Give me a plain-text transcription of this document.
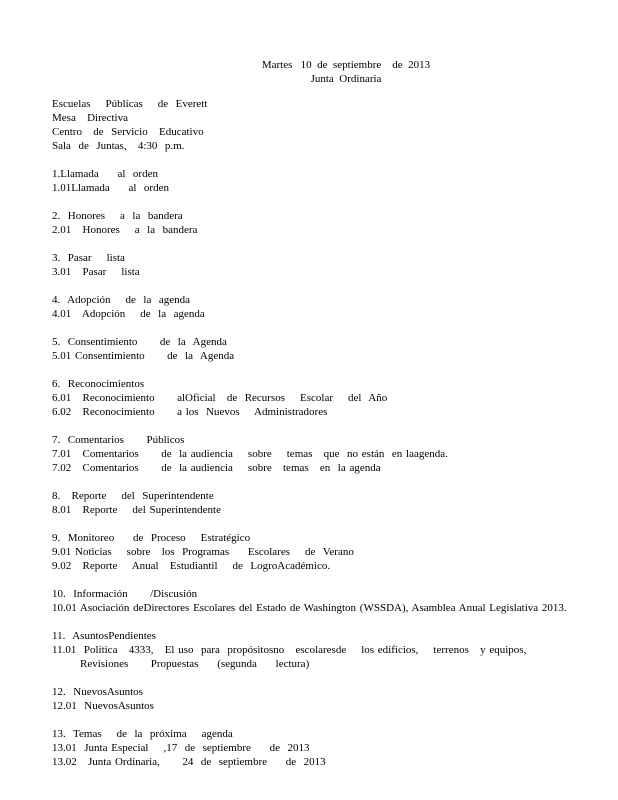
Martes   10  de  septiembre    de  2013
Junta  Ordinaria
Escuelas    Públicas    de  Everett
Mesa   Directiva
Centro   de  Servicio   Educativo
Sala  de  Juntas,   4:30  p.m.
1.Llamada     al  orden
1.01Llamada     al  orden
2.  Honores    a  la  bandera
2.01   Honores    a  la  bandera
3.  Pasar    lista
3.01   Pasar    lista
4.  Adopción    de  la  agenda
4.01   Adopción    de  la  agenda
5.  Consentimiento      de  la  Agenda
5.01 Consentimiento      de  la  Agenda
6.  Reconocimientos
6.01   Reconocimiento      alOficial   de  Recursos    Escolar    del  Año
6.02   Reconocimiento      a los  Nuevos    Administradores
7.  Comentarios      Públicos
7.01   Comentarios      de  la audiencia    sobre    temas   que  no están  en laagenda.
7.02   Comentarios      de  la audiencia    sobre   temas   en  la agenda
8.   Reporte    del  Superintendente
8.01   Reporte    del Superintendente
9.  Monitoreo     de  Proceso    Estratégico
9.01 Noticias    sobre   los  Programas     Escolares    de  Verano
9.02   Reporte    Anual   Estudiantil    de  LogroAcadémico.
10.  Información      /Discusión
10.01 Asociación deDirectores Escolares del Estado de Washington (WSSDA), Asamblea Anual Legislativa 2013.
11.  AsuntosPendientes
11.01  Política   4333,   El uso  para  propósitosno   escolaresde    los edificios,    terrenos   y equipos,
Revisiones      Propuestas     (segunda     lectura)
12.  NuevosAsuntos
12.01  NuevosAsuntos
13.  Temas    de  la  próxima    agenda
13.01  Junta Especial    ,17  de  septiembre     de  2013
13.02   Junta Ordinaria,      24  de  septiembre     de  2013
